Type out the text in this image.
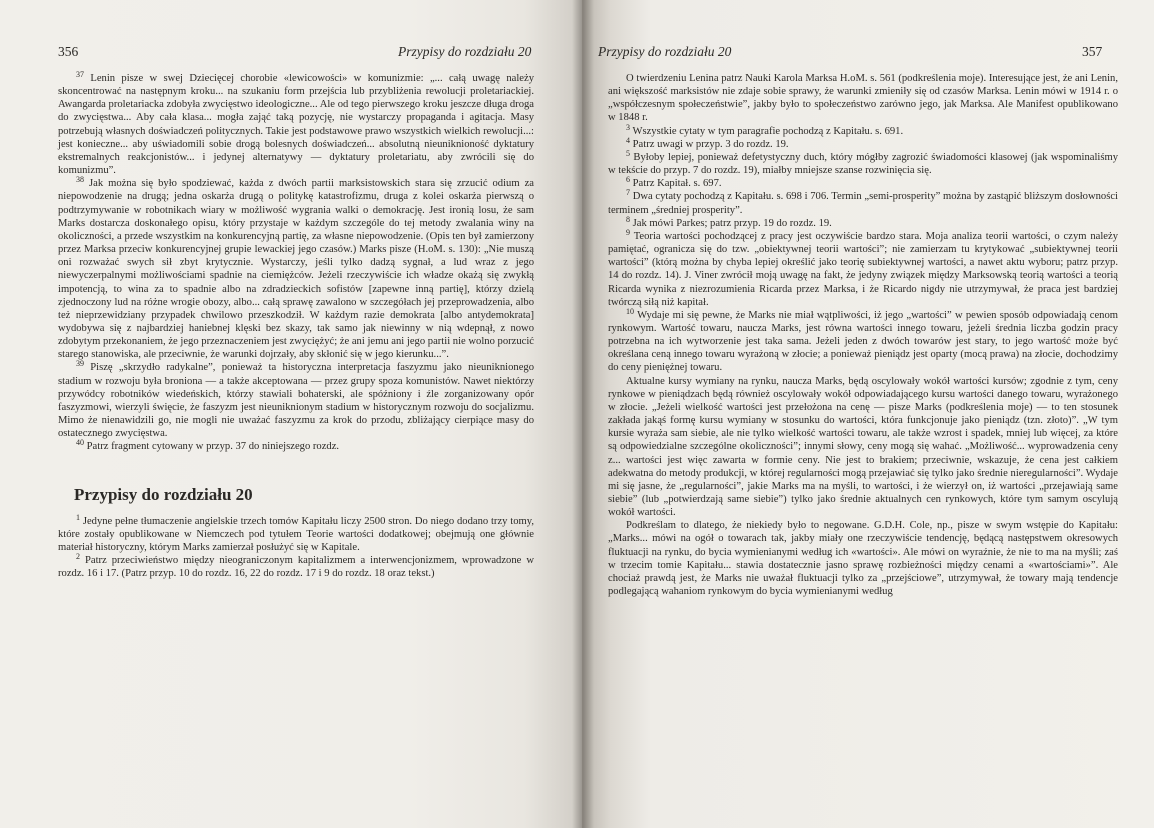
356	Przypisy do rozdziału 20

$^{37}$ Lenin pisze w swej Dziecięcej chorobie «lewicowości» w komunizmie: „... całą uwagę należy skoncentrować na następnym kroku... na szukaniu form przejścia lub przybliżenia rewolucji proletariackiej. Awangarda proletariacka zdobyła zwycięstwo ideologiczne... Ale od tego pierwszego kroku jeszcze długa droga do zwycięstwa... Aby cała klasa... mogła zająć taką pozycję, nie wystarczy propaganda i agitacja. Masy potrzebują własnych doświadczeń politycznych. Takie jest podstawowe prawo wszystkich wielkich rewolucji...: jest konieczne... aby uświadomili sobie drogą bolesnych doświadczeń... absolutną nieuniknioność dyktatury ekstremalnych reakcjonistów... i jedynej alternatywy — dyktatury proletariatu, aby zwrócili się do komunizmu”.

$^{38}$ Jak można się było spodziewać, każda z dwóch partii marksistowskich stara się zrzucić odium za niepowodzenie na drugą; jedna oskarża drugą o politykę katastrofizmu, druga z kolei oskarża pierwszą o podtrzymywanie w robotnikach wiary w możliwość wygrania walki o demokrację. Jest ironią losu, że sam Marks dostarcza doskonałego opisu, który przystaje w każdym szczególe do tej metody zwalania winy na okoliczności, a przede wszystkim na konkurencyjną partię, za własne niepowodzenie. (Opis ten był zamierzony przez Marksa przeciw konkurencyjnej grupie lewackiej jego czasów.) Marks pisze (H.oM. s. 130): „Nie muszą oni rozważać swych sił zbyt krytycznie. Wystarczy, jeśli tylko dadzą sygnał, a lud wraz z jego niewyczerpalnymi możliwościami spadnie na ciemiężców. Jeżeli rzeczywiście ich władze okażą się zwykłą impotencją, to wina za to spadnie albo na zdradzieckich sofistów [zapewne inną partię], którzy dzielą zjednoczony lud na różne wrogie obozy, albo... całą sprawę zawalono w szczegółach jej przeprowadzenia, albo też nieprzewidziany przypadek chwilowo przeszkodził. W każdym razie demokrata [albo antydemokrata] wydobywa się z najbardziej haniebnej klęski bez skazy, tak samo jak niewinny w nią wdepnął, z nowo zdobytym przekonaniem, że jego przeznaczeniem jest zwyciężyć; że ani jemu ani jego partii nie wolno porzucić starego stanowiska, ale przeciwnie, że warunki dojrzały, aby skłonić się w jego kierunku...”.

$^{39}$ Piszę „skrzydło radykalne”, ponieważ ta historyczna interpretacja faszyzmu jako nieuniknionego stadium w rozwoju była broniona — a także akceptowana — przez grupy spoza komunistów. Nawet niektórzy przywódcy robotników wiedeńskich, którzy stawiali bohaterski, ale spóźniony i źle zorganizowany opór faszyzmowi, wierzyli święcie, że faszyzm jest nieuniknionym stadium w historycznym rozwoju do socjalizmu. Mimo że nienawidzili go, nie mogli nie uważać faszyzmu za krok do przodu, zbliżający cierpiące masy do ostatecznego zwycięstwa.

$^{40}$ Patrz fragment cytowany w przyp. 37 do niniejszego rozdz.

Przypisy do rozdziału 20

$^1$ Jedyne pełne tłumaczenie angielskie trzech tomów Kapitału liczy 2500 stron. Do niego dodano trzy tomy, które zostały opublikowane w Niemczech pod tytułem Teorie wartości dodatkowej; obejmują one głównie materiał historyczny, którym Marks zamierzał posłużyć się w Kapitale.

$^2$ Patrz przeciwieństwo między nieograniczonym kapitalizmem a interwencjonizmem, wprowadzone w rozdz. 16 i 17. (Patrz przyp. 10 do rozdz. 16, 22 do rozdz. 17 i 9 do rozdz. 18 oraz tekst.)

Przypisy do rozdziału 20	357

O twierdzeniu Lenina patrz Nauki Karola Marksa H.oM. s. 561 (podkreślenia moje). Interesujące jest, że ani Lenin, ani większość marksistów nie zdaje sobie sprawy, że warunki zmieniły się od czasów Marksa. Lenin mówi w 1914 r. o „współczesnym społeczeństwie”, jakby było to społeczeństwo zarówno jego, jak Marksa. Ale Manifest opublikowano w 1848 r.

$^3$ Wszystkie cytaty w tym paragrafie pochodzą z Kapitału. s. 691.

$^4$ Patrz uwagi w przyp. 3 do rozdz. 19.

$^5$ Byłoby lepiej, ponieważ defetystyczny duch, który mógłby zagrozić świadomości klasowej (jak wspominaliśmy w tekście do przyp. 7 do rozdz. 19), miałby mniejsze szanse rozwinięcia się.

$^6$ Patrz Kapitał. s. 697.

$^7$ Dwa cytaty pochodzą z Kapitału. s. 698 i 706. Termin „semi-prosperity” można by zastąpić bliższym dosłowności terminem „średniej prosperity”.

$^8$ Jak mówi Parkes; patrz przyp. 19 do rozdz. 19.

$^9$ Teoria wartości pochodzącej z pracy jest oczywiście bardzo stara. Moja analiza teorii wartości, o czym należy pamiętać, ogranicza się do tzw. „obiektywnej teorii wartości”; nie zamierzam tu krytykować „subiektywnej teorii wartości” (którą można by chyba lepiej określić jako teorię subiektywnej wartości, a nawet aktu wyboru; patrz przyp. 14 do rozdz. 14). J. Viner zwrócił moją uwagę na fakt, że jedyny związek między Marksowską teorią wartości a teorią Ricarda wynika z niezrozumienia Ricarda przez Marksa, i że Ricardo nigdy nie utrzymywał, że praca jest bardziej twórczą siłą niż kapitał.

$^{10}$ Wydaje mi się pewne, że Marks nie miał wątpliwości, iż jego „wartości” w pewien sposób odpowiadają cenom rynkowym. Wartość towaru, naucza Marks, jest równa wartości innego towaru, jeżeli średnia liczba godzin pracy potrzebna na ich wytworzenie jest taka sama. Jeżeli jeden z dwóch towarów jest stary, to jego wartość może być określana ceną innego towaru wyrażoną w złocie; a ponieważ pieniądz jest oparty (mocą prawa) na złocie, dochodzimy do ceny pieniężnej towaru.

Aktualne kursy wymiany na rynku, naucza Marks, będą oscylowały wokół wartości kursów; zgodnie z tym, ceny rynkowe w pieniądzach będą również oscylowały wokół odpowiadającego kursu wartości danego towaru, wyrażonego w złocie. „Jeżeli wielkość wartości jest przełożona na cenę — pisze Marks (podkreślenia moje) — to ten stosunek zakłada jakąś formę kursu wymiany w stosunku do wartości, która funkcjonuje jako pieniądz (tzn. złoto)”. „W tym kursie wyraża sam siebie, ale nie tylko wielkość wartości towaru, ale także wzrost i spadek, mniej lub więcej, za które są odpowiedzialne szczególne okoliczności”; innymi słowy, ceny mogą się wahać. „Możliwość... wyprowadzenia ceny z... wartości jest więc zawarta w formie ceny. Nie jest to brakiem; przeciwnie, wskazuje, że cena jest całkiem adekwatna do metody produkcji, w której regularności mogą przejawiać się tylko jako średnie nieregularności”. Wydaje mi się jasne, że „regularności”, jakie Marks ma na myśli, to wartości, i że wierzył on, iż wartości „przejawiają same siebie” (lub „potwierdzają same siebie”) tylko jako średnie aktualnych cen rynkowych, które tym samym oscylują wokół wartości.

Podkreślam to dlatego, że niekiedy było to negowane. G.D.H. Cole, np., pisze w swym wstępie do Kapitału: „Marks... mówi na ogół o towarach tak, jakby miały one rzeczywiście tendencję, będącą następstwem okresowych fluktuacji na rynku, do bycia wymienianymi według ich «wartości». Ale mówi on wyraźnie, że nie to ma na myśli; zaś w trzecim tomie Kapitału... stawia dostatecznie jasno sprawę rozbieżności między cenami a «wartościami»”. Ale chociaż prawdą jest, że Marks nie uważał fluktuacji tylko za „przejściowe”, utrzymywał, że towary mają tendencje podlegającą wahaniom rynkowym do bycia wymienianymi według
